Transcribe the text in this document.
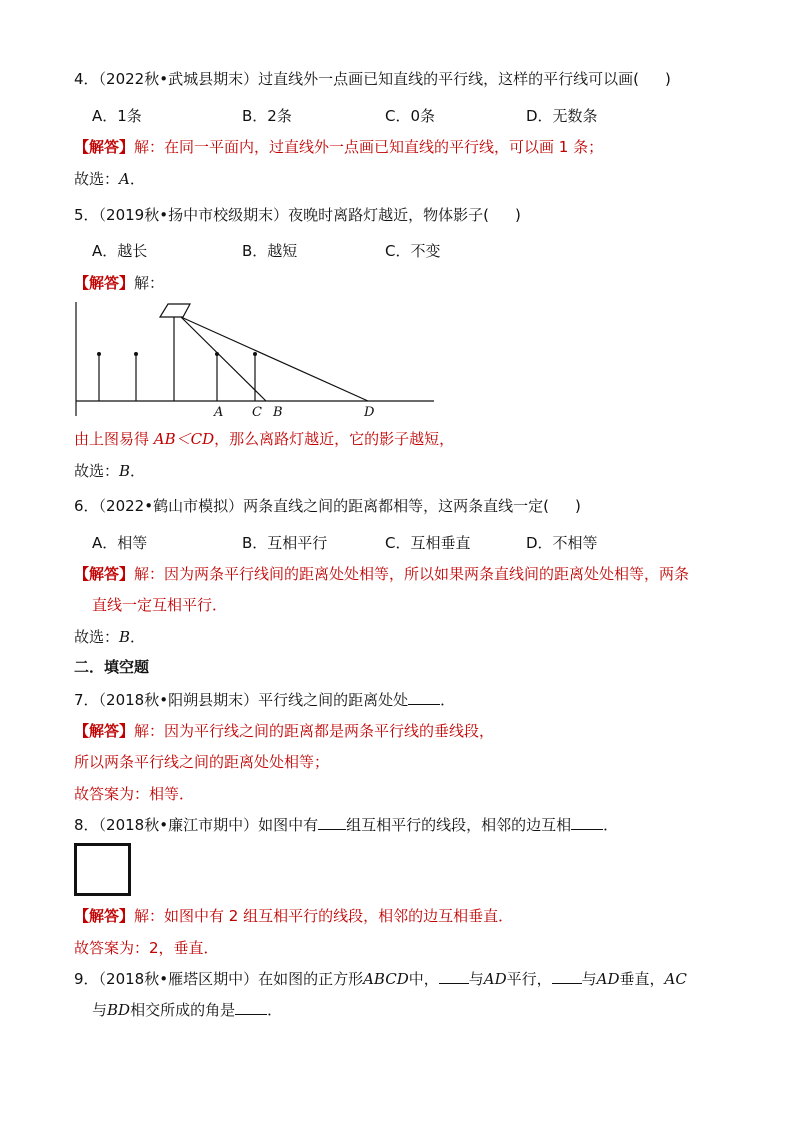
4．（2022秋•武城县期末）过直线外一点画已知直线的平行线，这样的平行线可以画( )
A．1条	B．2条	C．0条	D．无数条
【解答】解：在同一平面内，过直线外一点画已知直线的平行线，可以画 1 条；
故选：A．
5．（2019秋•扬中市校级期末）夜晚时离路灯越近，物体影子( )
A．越长	B．越短	C．不变
【解答】解：
A C B	D
由上图易得 AB＜CD，那么离路灯越近，它的影子越短，
故选：B．
6．（2022•鹤山市模拟）两条直线之间的距离都相等，这两条直线一定( )
A．相等	B．互相平行	C．互相垂直	D．不相等
【解答】解：因为两条平行线间的距离处处相等，所以如果两条直线间的距离处处相等，两条
直线一定互相平行．
故选：B．
二．填空题
7．（2018秋•阳朔县期末）平行线之间的距离处处 ．
【解答】解：因为平行线之间的距离都是两条平行线的垂线段，
所以两条平行线之间的距离处处相等；
故答案为：相等．
8．（2018秋•廉江市期中）如图中有 组互相平行的线段，相邻的边互相 ．
【解答】解：如图中有 2 组互相平行的线段，相邻的边互相垂直．
故答案为：2，垂直．
9．（2018秋•雁塔区期中）在如图的正方形ABCD中， 与AD平行， 与AD垂直，AC
与BD相交所成的角是 ．
